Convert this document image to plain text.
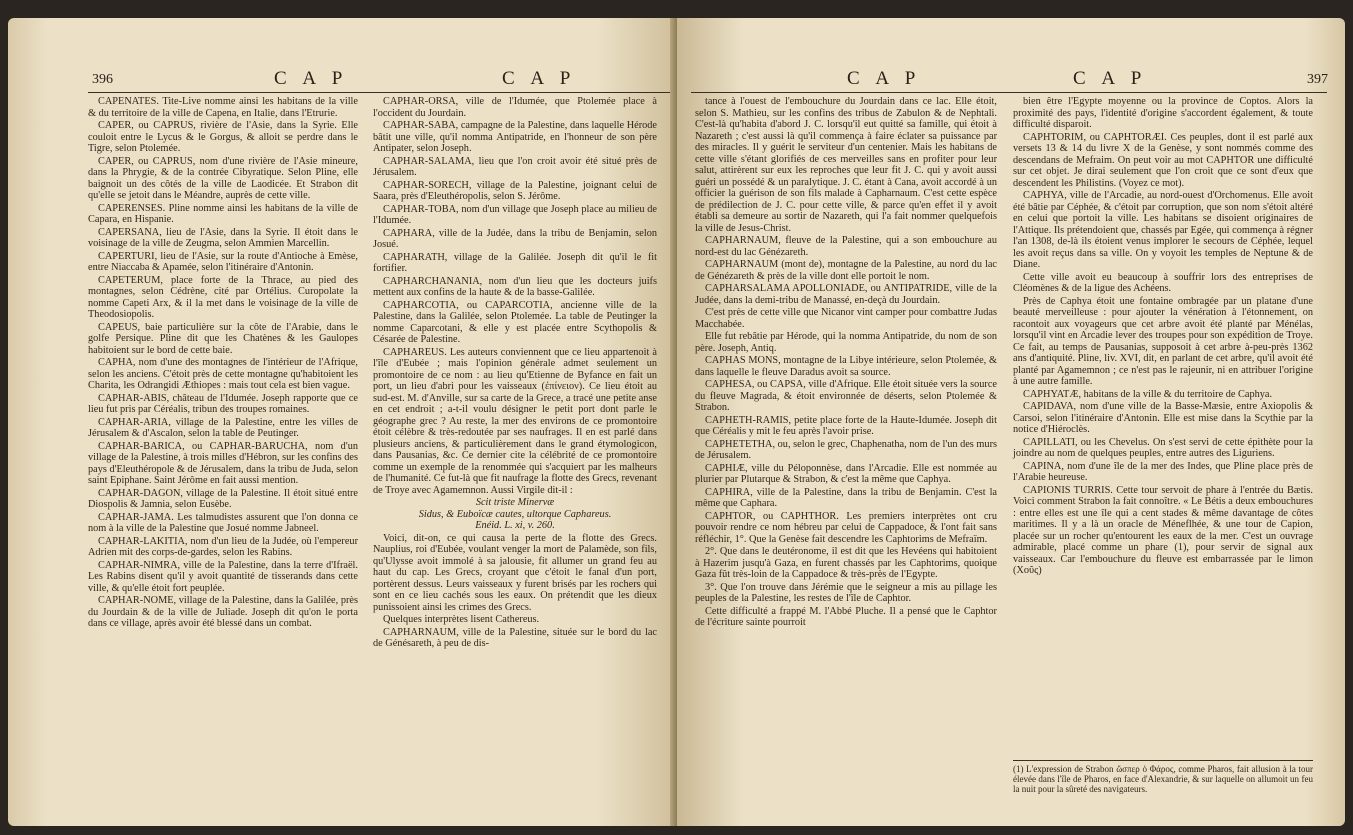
396	C A P	C A P

CAPENATES. Tite-Live nomme ainsi les habitans de la ville & du territoire de la ville de Capena, en Italie, dans l'Etrurie.

CAPER, ou CAPRUS, rivière de l'Asie, dans la Syrie. Elle couloit entre le Lycus & le Gorgus, & alloit se perdre dans le Tigre, selon Ptolemée.

CAPER, ou CAPRUS, nom d'une rivière de l'Asie mineure, dans la Phrygie, & de la contrée Cibyratique. Selon Pline, elle baignoit un des côtés de la ville de Laodicée. Et Strabon dit qu'elle se jetoit dans le Méandre, auprès de cette ville.

CAPERENSES. Pline nomme ainsi les habitans de la ville de Capara, en Hispanie.

CAPERSANA, lieu de l'Asie, dans la Syrie. Il étoit dans le voisinage de la ville de Zeugma, selon Ammien Marcellin.

CAPERTURI, lieu de l'Asie, sur la route d'Antioche à Emèse, entre Niaccaba & Apamée, selon l'itinéraire d'Antonin.

CAPETERUM, place forte de la Thrace, au pied des montagnes, selon Cédrène, cité par Ortélius. Curopolate la nomme Capeti Arx, & il la met dans le voisinage de la ville de Theodosiopolis.

CAPEUS, baie particulière sur la côte de l'Arabie, dans le golfe Persique. Pline dit que les Chatènes & les Gaulopes habitoient sur le bord de cette baie.

CAPHA, nom d'une des montagnes de l'intérieur de l'Afrique, selon les anciens. C'étoit près de cette montagne qu'habitoient les Charita, les Odrangidi Æthiopes : mais tout cela est bien vague.

CAPHAR-ABIS, château de l'Idumée. Joseph rapporte que ce lieu fut pris par Céréalis, tribun des troupes romaines.

CAPHAR-ARIA, village de la Palestine, entre les villes de Jérusalem & d'Ascalon, selon la table de Peutinger.

CAPHAR-BARICA, ou CAPHAR-BARUCHA, nom d'un village de la Palestine, à trois milles d'Hébron, sur les confins des pays d'Eleuthéropole & de Jérusalem, dans la tribu de Juda, selon saint Epiphane. Saint Jérôme en fait aussi mention.

CAPHAR-DAGON, village de la Palestine. Il étoit situé entre Diospolis & Jamnia, selon Eusèbe.

CAPHAR-JAMA. Les talmudistes assurent que l'on donna ce nom à la ville de la Palestine que Josué nomme Jabneel.

CAPHAR-LAKITIA, nom d'un lieu de la Judée, où l'empereur Adrien mit des corps-de-gardes, selon les Rabins.

CAPHAR-NIMRA, ville de la Palestine, dans la terre d'Ifraël. Les Rabins disent qu'il y avoit quantité de tisserands dans cette ville, & qu'elle étoit fort peuplée.

CAPHAR-NOME, village de la Palestine, dans la Galilée, près du Jourdain & de la ville de Juliade. Joseph dit qu'on le porta dans ce village, après avoir été blessé dans un combat.

CAPHAR-ORSA, ville de l'Idumée, que Ptolemée place à l'occident du Jourdain.

CAPHAR-SABA, campagne de la Palestine, dans laquelle Hérode bâtit une ville, qu'il nomma Antipatride, en l'honneur de son père Antipater, selon Joseph.

CAPHAR-SALAMA, lieu que l'on croit avoir été situé près de Jérusalem.

CAPHAR-SORECH, village de la Palestine, joignant celui de Saara, près d'Eleuthéropolis, selon S. Jérôme.

CAPHAR-TOBA, nom d'un village que Joseph place au milieu de l'Idumée.

CAPHARA, ville de la Judée, dans la tribu de Benjamin, selon Josué.

CAPHARATH, village de la Galilée. Joseph dit qu'il le fit fortifier.

CAPHARCHANANIA, nom d'un lieu que les docteurs juifs mettent aux confins de la haute & de la basse-Galilée.

CAPHARCOTIA, ou CAPARCOTIA, ancienne ville de la Palestine, dans la Galilée, selon Ptolemée. La table de Peutinger la nomme Caparcotani, & elle y est placée entre Scythopolis & Césarée de Palestine.

CAPHAREUS. Les auteurs conviennent que ce lieu appartenoit à l'île d'Eubée ; mais l'opinion générale admet seulement un promontoire de ce nom : au lieu qu'Etienne de Byfance en fait un port, un lieu d'abri pour les vaisseaux (ἐπίνειον). Ce lieu étoit au sud-est. M. d'Anville, sur sa carte de la Grece, a tracé une petite anse en cet endroit ; a-t-il voulu désigner le petit port dont parle le géographe grec ? Au reste, la mer des environs de ce promontoire étoit célèbre & très-redoutée par ses naufrages. Il en est parlé dans plusieurs anciens, & particulièrement dans le grand étymologicon, dans Pausanias, &c. Ce dernier cite la célébrité de ce promontoire comme un exemple de la renommée qui s'acquiert par les malheurs de l'humanité. Ce fut-là que fit naufrage la flotte des Grecs, revenant de Troye avec Agamemnon. Aussi Virgile dit-il :

Scit triste Minervæ
Sidus, & Euboïcæ cautes, ultorque Caphareus.
Enéid. L. xi, v. 260.

Voici, dit-on, ce qui causa la perte de la flotte des Grecs. Nauplius, roi d'Eubée, voulant venger la mort de Palamède, son fils, qu'Ulysse avoit immolé à sa jalousie, fit allumer un grand feu au haut du cap. Les Grecs, croyant que c'étoit le fanal d'un port, portèrent dessus. Leurs vaisseaux y furent brisés par les rochers qui sont en ce lieu cachés sous les eaux. On prétendit que les dieux punissoient ainsi les crimes des Grecs.

Quelques interprètes lisent Cathereus.

CAPHARNAUM, ville de la Palestine, située sur le bord du lac de Génésareth, à peu de dis-

C A P	C A P	397

tance à l'ouest de l'embouchure du Jourdain dans ce lac. Elle étoit, selon S. Mathieu, sur les confins des tribus de Zabulon & de Nephtali. C'est-là qu'habita d'abord J. C. lorsqu'il eut quitté sa famille, qui étoit à Nazareth ; c'est aussi là qu'il commença à faire éclater sa puissance par des miracles. Il y guérit le serviteur d'un centenier. Mais les habitans de cette ville s'étant glorifiés de ces merveilles sans en profiter pour leur salut, attirèrent sur eux les reproches que leur fit J. C. qui y avoit aussi guéri un possédé & un paralytique. J. C. étant à Cana, avoit accordé à un officier la guérison de son fils malade à Capharnaum. C'est cette espèce de prédilection de J. C. pour cette ville, & parce qu'en effet il y avoit établi sa demeure au sortir de Nazareth, qui l'a fait nommer quelquefois la ville de Jesus-Christ.

CAPHARNAUM, fleuve de la Palestine, qui a son embouchure au nord-est du lac Génézareth.

CAPHARNAUM (mont de), montagne de la Palestine, au nord du lac de Génézareth & près de la ville dont elle portoit le nom.

CAPHARSALAMA APOLLONIADE, ou ANTIPATRIDE, ville de la Judée, dans la demi-tribu de Manassé, en-deçà du Jourdain.

C'est près de cette ville que Nicanor vint camper pour combattre Judas Macchabée.

Elle fut rebâtie par Hérode, qui la nomma Antipatride, du nom de son père. Joseph, Antiq.

CAPHAS MONS, montagne de la Libye intérieure, selon Ptolemée, & dans laquelle le fleuve Daradus avoit sa source.

CAPHESA, ou CAPSA, ville d'Afrique. Elle étoit située vers la source du fleuve Magrada, & étoit environnée de déserts, selon Ptolemée & Strabon.

CAPHETH-RAMIS, petite place forte de la Haute-Idumée. Joseph dit que Céréalis y mit le feu après l'avoir prise.

CAPHETETHA, ou, selon le grec, Chaphenatha, nom de l'un des murs de Jérusalem.

CAPHIÆ, ville du Péloponnèse, dans l'Arcadie. Elle est nommée au plurier par Plutarque & Strabon, & c'est la même que Caphya.

CAPHIRA, ville de la Palestine, dans la tribu de Benjamin. C'est la même que Caphara.

CAPHTOR, ou CAPHTHOR. Les premiers interprètes ont cru pouvoir rendre ce nom hébreu par celui de Cappadoce, & l'ont fait sans réfléchir, 1°. Que la Genèse fait descendre les Caphtorims de Mefraïm.

2°. Que dans le deutéronome, il est dit que les Hevéens qui habitoient à Hazerim jusqu'à Gaza, en furent chassés par les Caphtorims, quoique Gaza fût très-loin de la Cappadoce & très-près de l'Egypte.

3°. Que l'on trouve dans Jérémie que le seigneur a mis au pillage les peuples de la Palestine, les restes de l'île de Caphtor.

Cette difficulté a frappé M. l'Abbé Pluche. Il a pensé que le Caphtor de l'écriture sainte pourroit

bien être l'Egypte moyenne ou la province de Coptos. Alors la proximité des pays, l'identité d'origine s'accordent également, & toute difficulté disparoit.

CAPHTORIM, ou CAPHTORÆI. Ces peuples, dont il est parlé aux versets 13 & 14 du livre X de la Genèse, y sont nommés comme des descendans de Mefraim. On peut voir au mot CAPHTOR une difficulté sur cet objet. Je dirai seulement que l'on croit que ce sont d'eux que descendent les Philistins. (Voyez ce mot).

CAPHYA, ville de l'Arcadie, au nord-ouest d'Orchomenus. Elle avoit été bâtie par Céphée, & c'étoit par corruption, que son nom s'étoit altéré en celui que portoit la ville. Les habitans se disoient originaires de l'Attique. Ils prétendoient que, chassés par Egée, qui commença à régner l'an 1308, de-là ils étoient venus implorer le secours de Céphée, lequel les avoit reçus dans sa ville. On y voyoit les temples de Neptune & de Diane.

Cette ville avoit eu beaucoup à souffrir lors des entreprises de Cléomènes & de la ligue des Achéens.

Près de Caphya étoit une fontaine ombragée par un platane d'une beauté merveilleuse : pour ajouter la vénération à l'étonnement, on racontoit aux voyageurs que cet arbre avoit été planté par Ménélas, lorsqu'il vint en Arcadie lever des troupes pour son expédition de Troye. Ce fait, au temps de Pausanias, supposoit à cet arbre à-peu-près 1362 ans d'antiquité. Pline, liv. XVI, dit, en parlant de cet arbre, qu'il avoit été planté par Agamemnon ; ce n'est pas le rajeunir, ni en attribuer l'origine à une autre famille.

CAPHYATÆ, habitans de la ville & du territoire de Caphya.

CAPIDAVA, nom d'une ville de la Basse-Mæsie, entre Axiopolis & Carsoi, selon l'itinéraire d'Antonin. Elle est mise dans la Scythie par la notice d'Hiéroclès.

CAPILLATI, ou les Chevelus. On s'est servi de cette épithète pour la joindre au nom de quelques peuples, entre autres des Liguriens.

CAPINA, nom d'une île de la mer des Indes, que Pline place près de l'Arabie heureuse.

CAPIONIS TURRIS. Cette tour servoit de phare à l'entrée du Bætis. Voici comment Strabon la fait connoître. « Le Bétis a deux embouchures : entre elles est une île qui a cent stades & même davantage de côtes maritimes. Il y a là un oracle de Méneflhée, & une tour de Capion, placée sur un rocher qu'entourent les eaux de la mer. C'est un ouvrage admirable, placé comme un phare (1), pour servir de signal aux vaisseaux. Car l'embouchure du fleuve est embarrassée par le limon (Χοῦς)

(1) L'expression de Strabon ὥσπερ ὁ Φάρος, comme Pharos, fait allusion à la tour élevée dans l'île de Pharos, en face d'Alexandrie, & sur laquelle on allumoit un feu la nuit pour la sûreté des navigateurs.
